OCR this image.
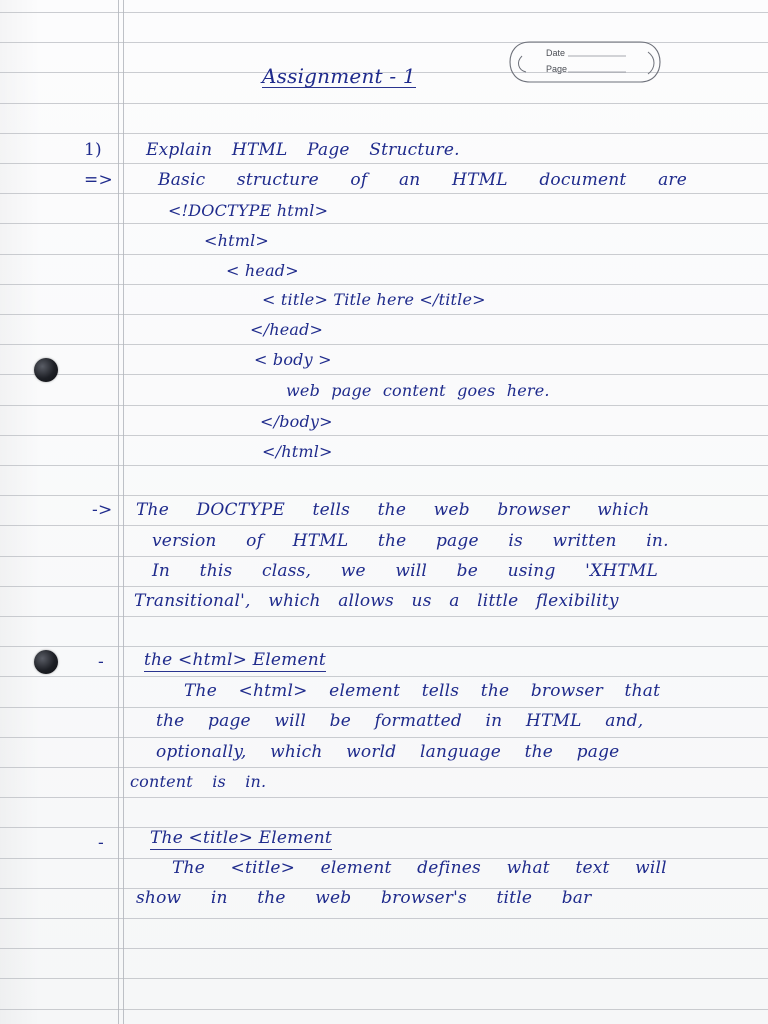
Date
Page
Assignment - 1
1)	Explain HTML Page Structure.
=>	Basic structure of an HTML document are
<!DOCTYPE html>
<html>
< head>
< title> Title here </title>
</head>
< body >
web page content goes here.
</body>
</html>
-> The DOCTYPE tells the web browser which
version of HTML the page is written in.
In this class, we will be using 'XHTML
Transitional', which allows us a little flexibility
- the <html> Element
The <html> element tells the browser that
the page will be formatted in HTML and,
optionally, which world language the page
content is in.
-	The <title> Element
The <title> element defines what text will
show in the web browser's title bar
